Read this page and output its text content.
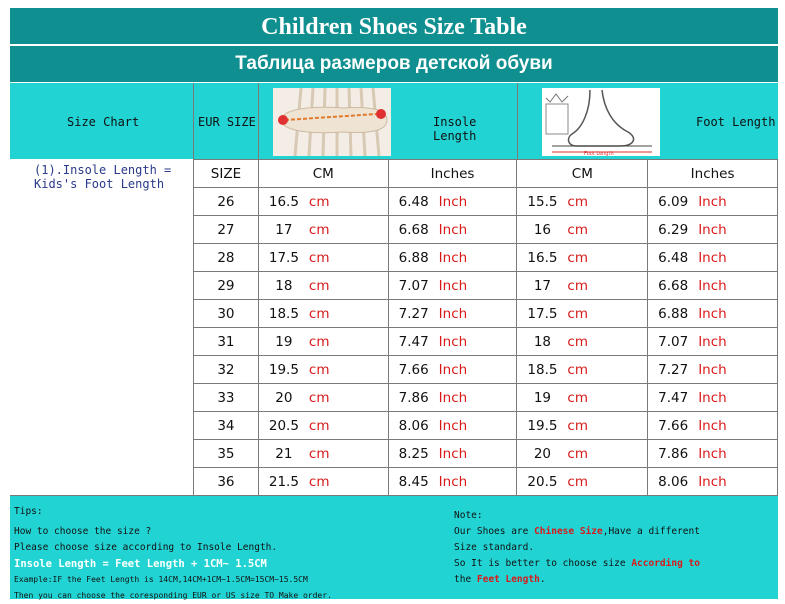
Children Shoes Size Table
Таблица размеров детской обуви
Size Chart	EUR SIZE	Insole Length
Foot Length
Foot Length
(1).Insole Length = Kids's Foot Length
SIZE	CM	Inches	CM	Inches
26	16.5 cm	6.48 Inch	15.5 cm	6.09 Inch
27	17 cm	6.68 Inch	16 cm	6.29 Inch
28	17.5 cm	6.88 Inch	16.5 cm	6.48 Inch
29	18 cm	7.07 Inch	17 cm	6.68 Inch
30	18.5 cm	7.27 Inch	17.5 cm	6.88 Inch
31	19 cm	7.47 Inch	18 cm	7.07 Inch
32	19.5 cm	7.66 Inch	18.5 cm	7.27 Inch
33	20 cm	7.86 Inch	19 cm	7.47 Inch
34	20.5 cm	8.06 Inch	19.5 cm	7.66 Inch
35	21 cm	8.25 Inch	20 cm	7.86 Inch
36	21.5 cm	8.45 Inch	20.5 cm	8.06 Inch
Tips:
How to choose the size ?
Please choose size according to Insole Length.
Insole Length = Feet Length + 1CM~ 1.5CM
Example:IF the Feet Length is 14CM,14CM+1CM~1.5CM=15CM~15.5CM
Then you can choose the coresponding EUR or US size TO Make order.
Note:
Our Shoes are Chinese Size,Have a different
Size standard.
So It is better to choose size According to
the Feet Length.
